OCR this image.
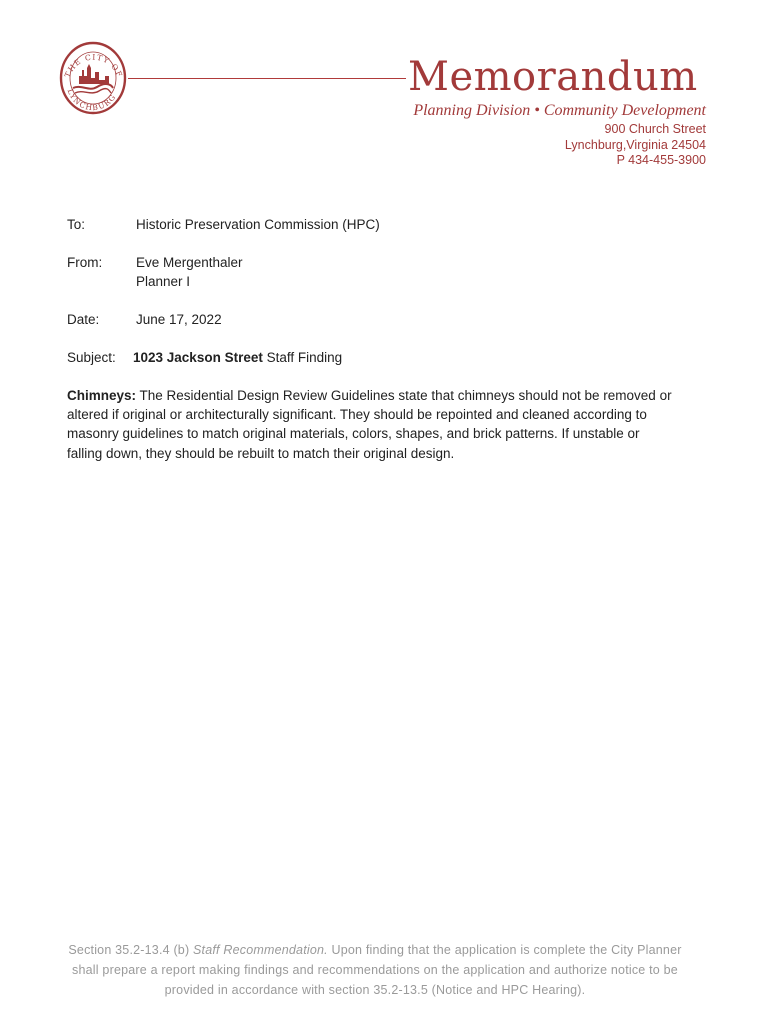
THE CITY OF
LYNCHBURG	Memorandum
Planning Division • Community Development
900 Church Street
Lynchburg,Virginia 24504
P 434-455-3900
To:	Historic Preservation Commission (HPC)
From:	Eve Mergenthaler
Planner I
Date:	June 17, 2022
Subject: 1023 Jackson Street Staff Finding
Chimneys: The Residential Design Review Guidelines state that chimneys should not be removed or altered if original or architecturally significant. They should be repointed and cleaned according to masonry guidelines to match original materials, colors, shapes, and brick patterns. If unstable or falling down, they should be rebuilt to match their original design.
Section 35.2-13.4 (b) Staff Recommendation. Upon finding that the application is complete the City Planner shall prepare a report making findings and recommendations on the application and authorize notice to be provided in accordance with section 35.2-13.5 (Notice and HPC Hearing).
